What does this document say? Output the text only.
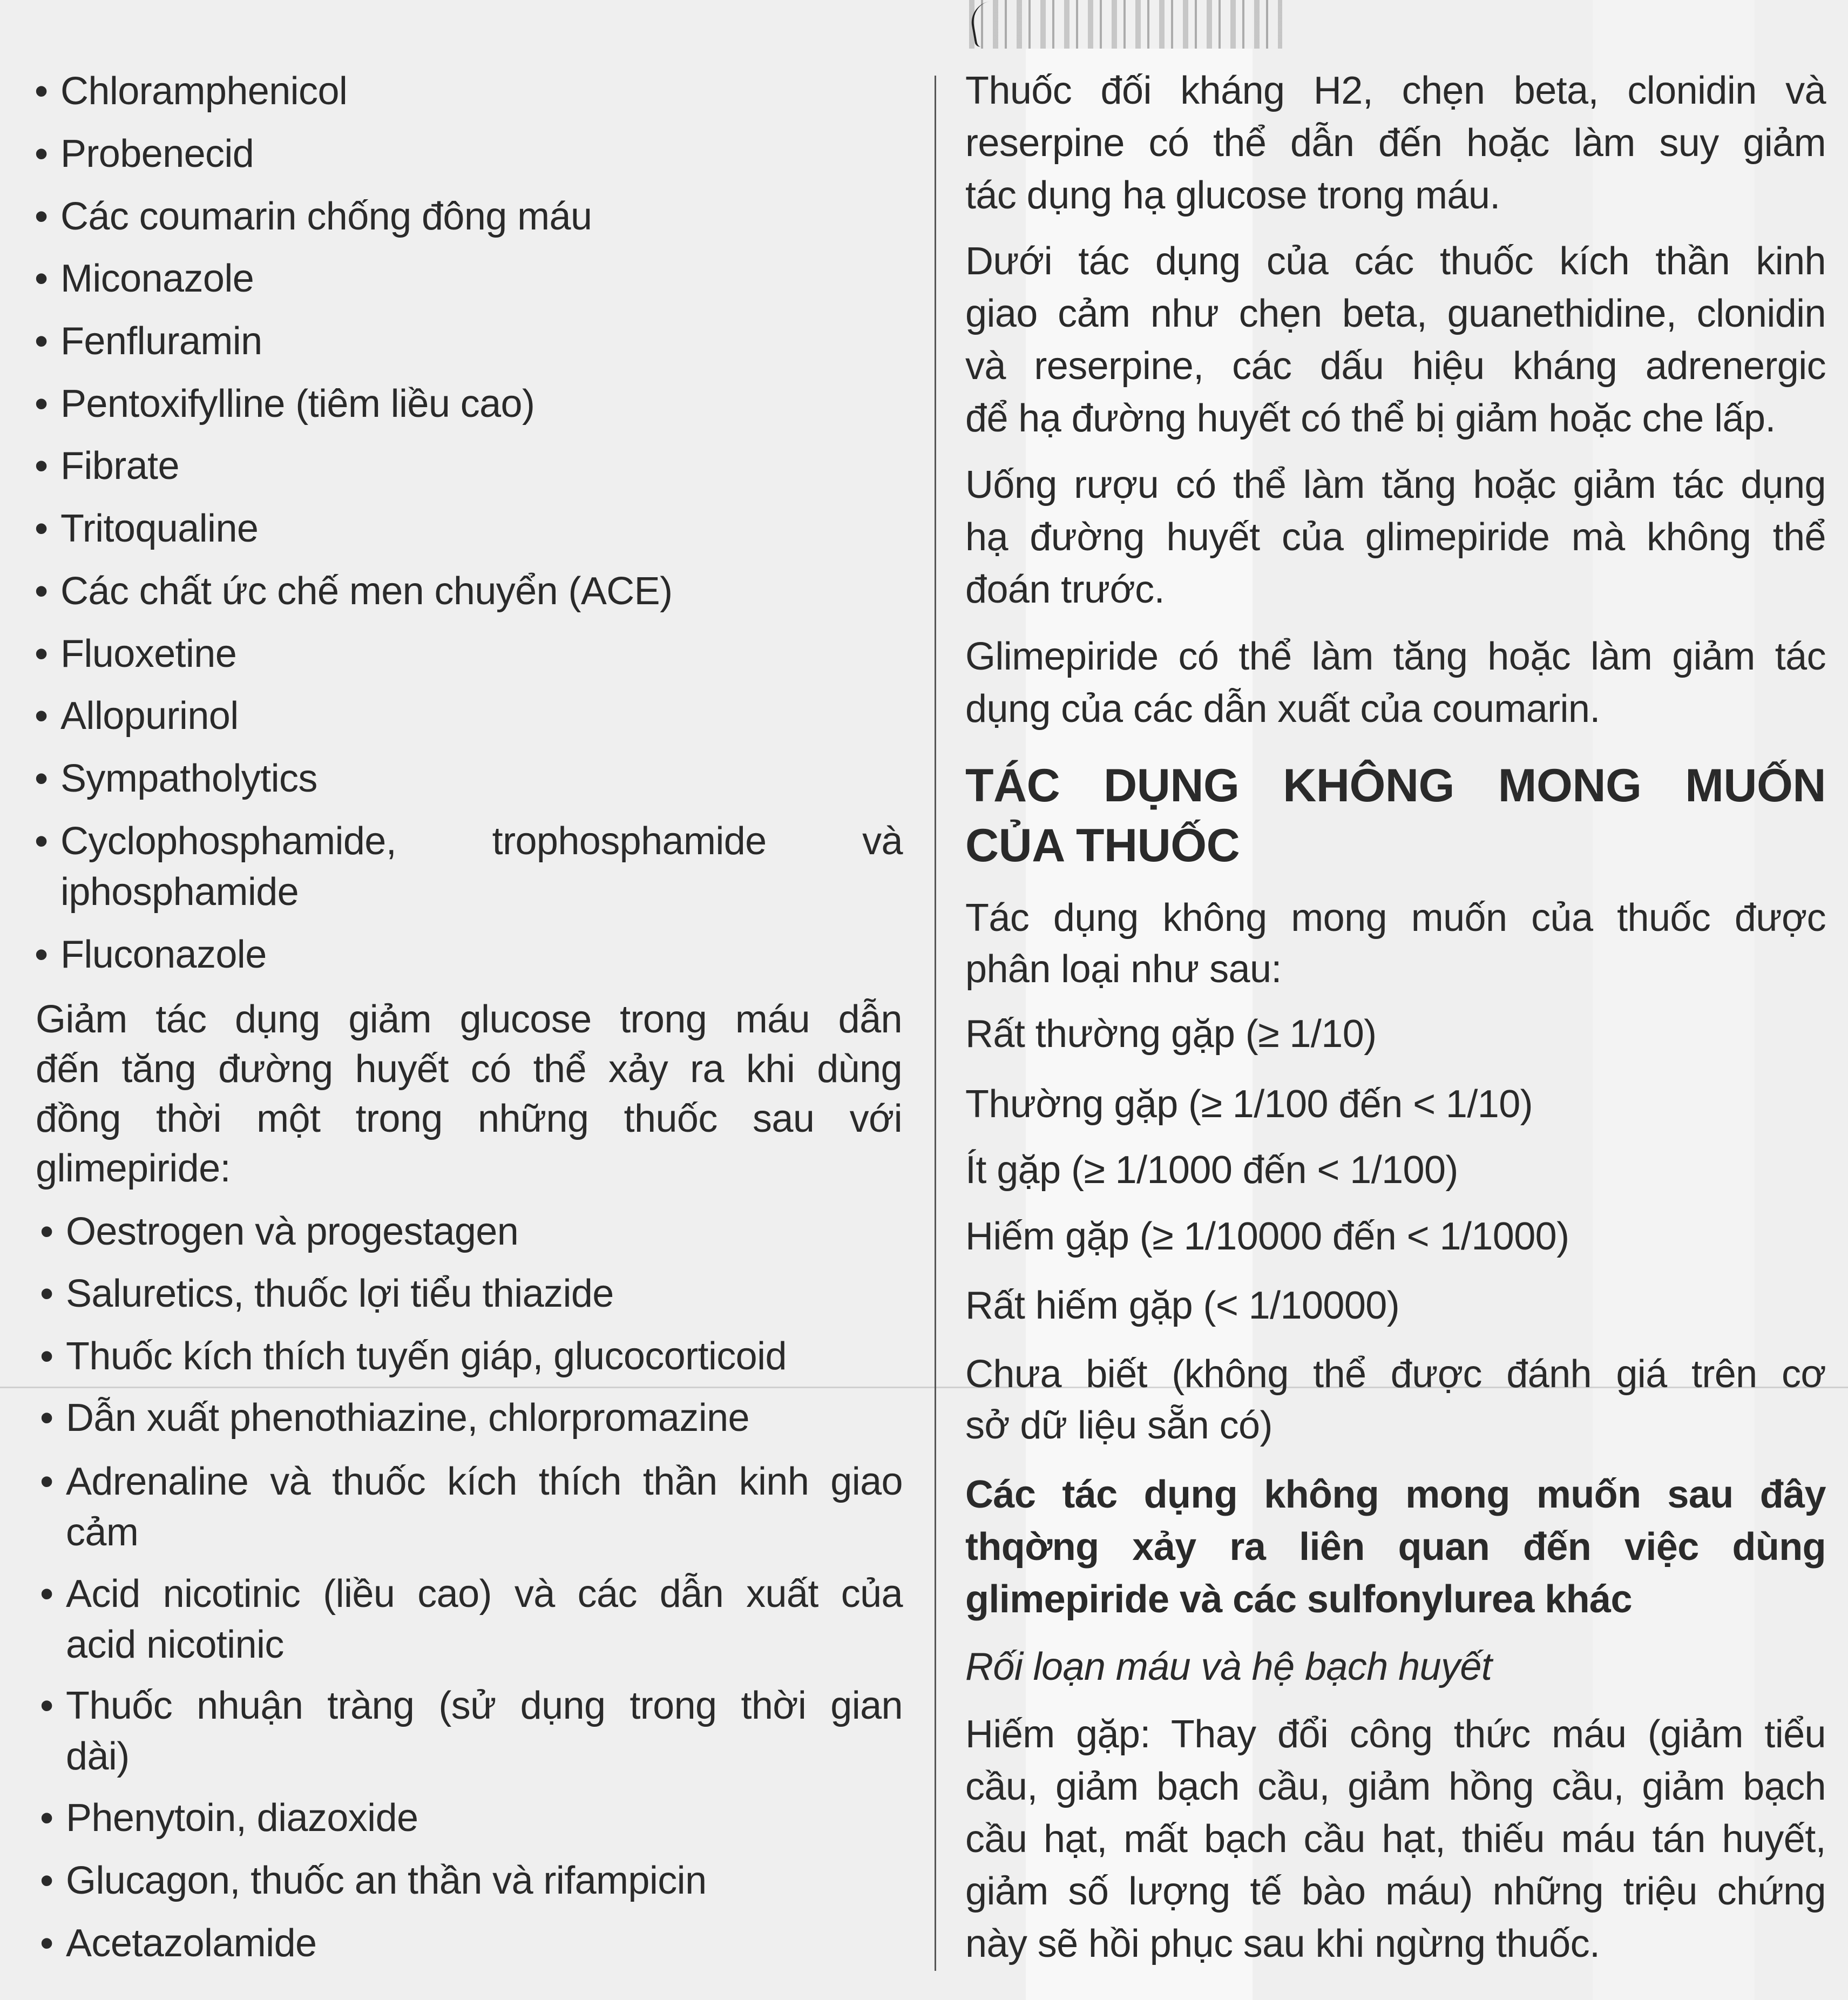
• Chloramphenicol
• Probenecid
• Các coumarin chống đông máu
• Miconazole
• Fenfluramin
• Pentoxifylline (tiêm liều cao)
• Fibrate
• Tritoqualine
• Các chất ức chế men chuyển (ACE)
• Fluoxetine
• Allopurinol
• Sympatholytics
• Cyclophosphamide, trophosphamide và
iphosphamide
• Fluconazole
Giảm tác dụng giảm glucose trong máu dẫn
đến tăng đường huyết có thể xảy ra khi dùng
đồng thời một trong những thuốc sau với
glimepiride:
• Oestrogen và progestagen
• Saluretics, thuốc lợi tiểu thiazide
• Thuốc kích thích tuyến giáp, glucocorticoid
• Dẫn xuất phenothiazine, chlorpromazine
• Adrenaline và thuốc kích thích thần kinh giao
cảm
• Acid nicotinic (liều cao) và các dẫn xuất của
acid nicotinic
• Thuốc nhuận tràng (sử dụng trong thời gian
dài)
• Phenytoin, diazoxide
• Glucagon, thuốc an thần và rifampicin
• Acetazolamide
Thuốc đối kháng H2, chẹn beta, clonidin và
reserpine có thể dẫn đến hoặc làm suy giảm
tác dụng hạ glucose trong máu.
Dưới tác dụng của các thuốc kích thần kinh
giao cảm như chẹn beta, guanethidine, clonidin
và reserpine, các dấu hiệu kháng adrenergic
để hạ đường huyết có thể bị giảm hoặc che lấp.
Uống rượu có thể làm tăng hoặc giảm tác dụng
hạ đường huyết của glimepiride mà không thể
đoán trước.
Glimepiride có thể làm tăng hoặc làm giảm tác
dụng của các dẫn xuất của coumarin.
TÁC DỤNG KHÔNG MONG MUỐN
CỦA THUỐC
Tác dụng không mong muốn của thuốc được
phân loại như sau:
Rất thường gặp (≥ 1/10)
Thường gặp (≥ 1/100 đến < 1/10)
Ít gặp (≥ 1/1000 đến < 1/100)
Hiếm gặp (≥ 1/10000 đến < 1/1000)
Rất hiếm gặp (< 1/10000)
Chưa biết (không thể được đánh giá trên cơ
sở dữ liệu sẵn có)
Các tác dụng không mong muốn sau đây
thqờng xảy ra liên quan đến việc dùng
glimepiride và các sulfonylurea khác
Rối loạn máu và hệ bạch huyết
Hiếm gặp: Thay đổi công thức máu (giảm tiểu
cầu, giảm bạch cầu, giảm hồng cầu, giảm bạch
cầu hạt, mất bạch cầu hạt, thiếu máu tán huyết,
giảm số lượng tế bào máu) những triệu chứng
này sẽ hồi phục sau khi ngừng thuốc.
